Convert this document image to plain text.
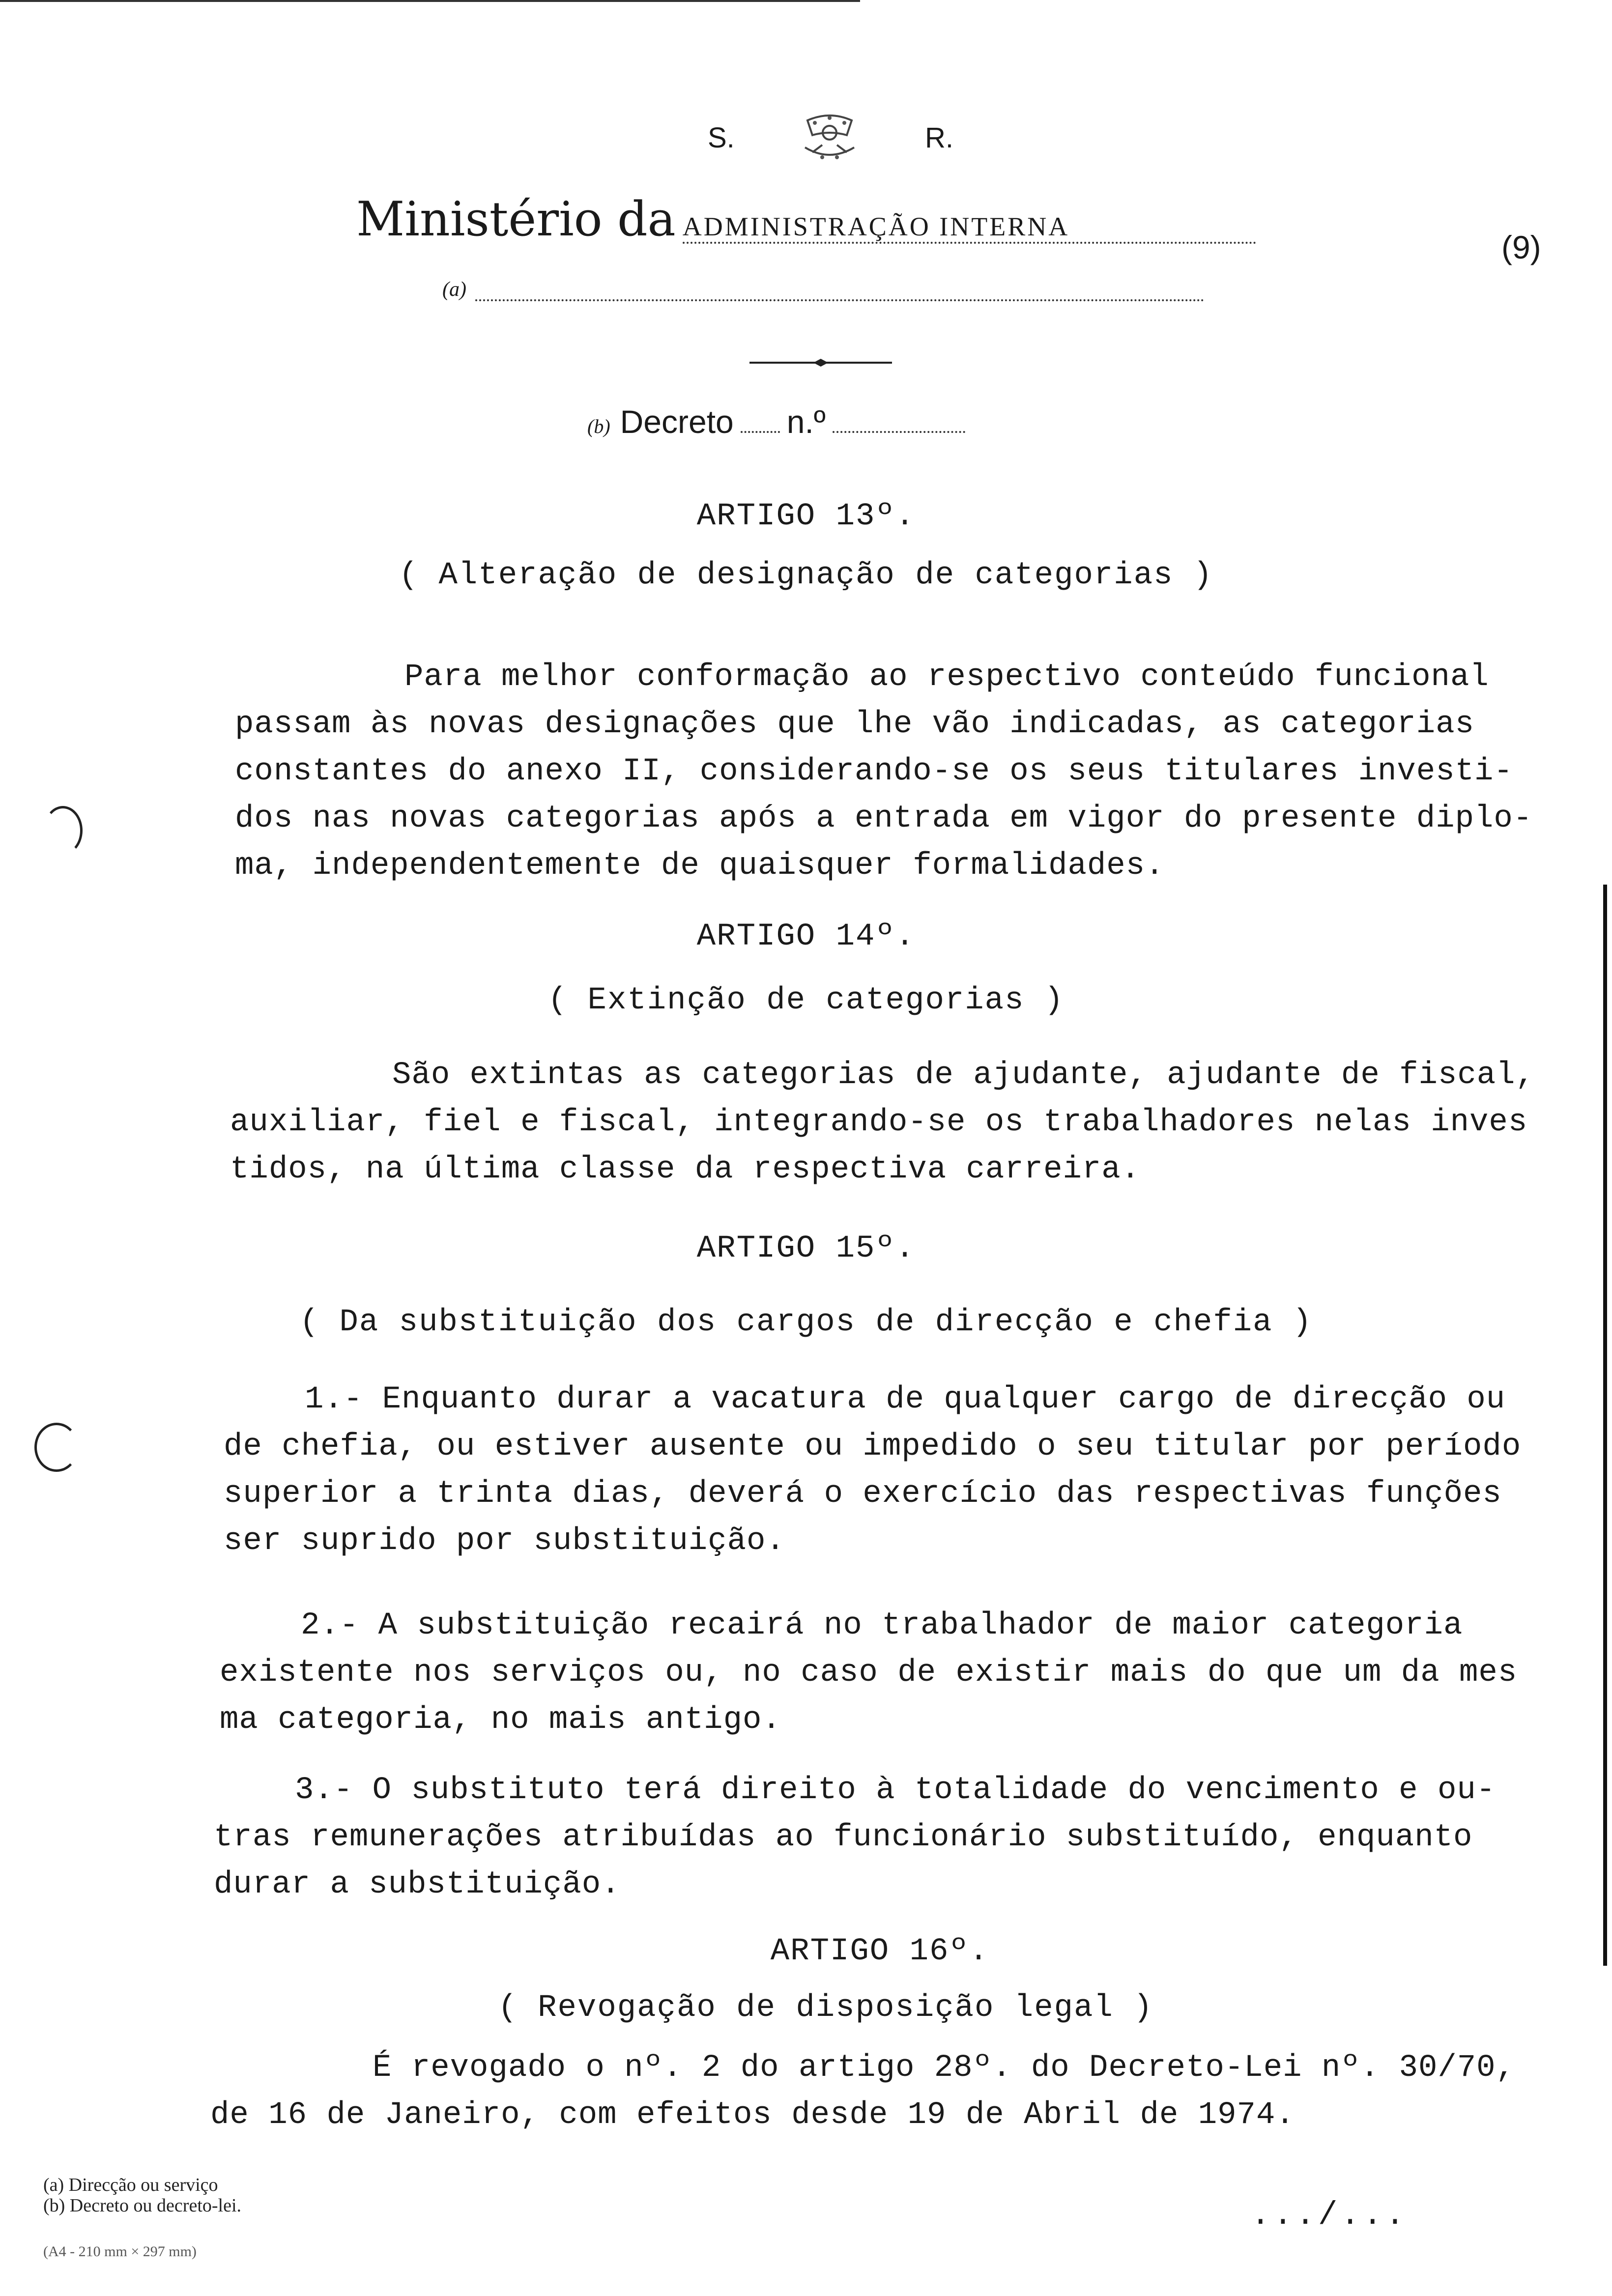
S.	R.
Ministério da ADMINISTRAÇÃO INTERNA
(9)
(a)
(b) Decreto n.º
ARTIGO 13º.
( Alteração de designação de categorias )
Para melhor conformação ao respectivo conteúdo funcional
passam às novas designações que lhe vão indicadas, as categorias
constantes do anexo II, considerando-se os seus titulares investi-
dos nas novas categorias após a entrada em vigor do presente diplo-
ma, independentemente de quaisquer formalidades.
ARTIGO 14º.
( Extinção de categorias )
São extintas as categorias de ajudante, ajudante de fiscal,
auxiliar, fiel e fiscal, integrando-se os trabalhadores nelas inves
tidos, na última classe da respectiva carreira.
ARTIGO 15º.
( Da substituição dos cargos de direcção e chefia )
1.- Enquanto durar a vacatura de qualquer cargo de direcção ou
de chefia, ou estiver ausente ou impedido o seu titular por período
superior a trinta dias, deverá o exercício das respectivas funções
ser suprido por substituição.
2.- A substituição recairá no trabalhador de maior categoria
existente nos serviços ou, no caso de existir mais do que um da mes
ma categoria, no mais antigo.
3.- O substituto terá direito à totalidade do vencimento e ou-
tras remunerações atribuídas ao funcionário substituído, enquanto
durar a substituição.
ARTIGO 16º.
( Revogação de disposição legal )
É revogado o nº. 2 do artigo 28º. do Decreto-Lei nº. 30/70,
de 16 de Janeiro, com efeitos desde 19 de Abril de 1974.
(a) Direcção ou serviço
(b) Decreto ou decreto-lei.
(A4 - 210 mm × 297 mm)
.../...
